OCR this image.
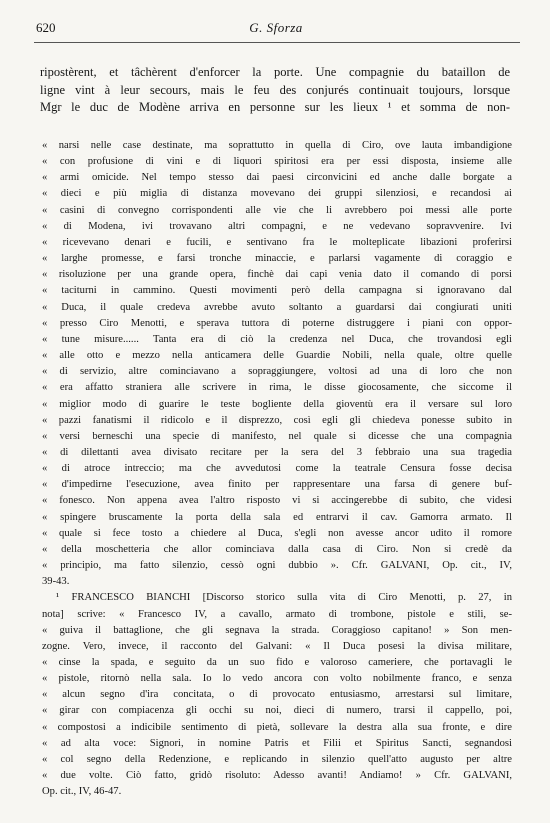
620	G. Sforza
ripostèrent, et tâchèrent d'enforcer la porte. Une compagnie du bataillon de
ligne vint à leur secours, mais le feu des conjurés continuait toujours, lorsque
Mgr le duc de Modène arriva en personne sur les lieux ¹ et somma de non-
« narsi nelle case destinate, ma soprattutto in quella di Ciro, ove lauta imbandigione
« con profusione di vini e di liquori spiritosi era per essi disposta, insieme alle
« armi omicide. Nel tempo stesso dai paesi circonvicini ed anche dalle borgate a
« dieci e più miglia di distanza movevano dei gruppi silenziosi, e recandosi ai
« casini di convegno corrispondenti alle vie che li avrebbero poi messi alle porte
« di Modena, ivi trovavano altri compagni, e ne vedevano sopravvenire. Ivi
« ricevevano denari e fucili, e sentivano fra le molteplicate libazioni proferirsi
« larghe promesse, e farsi tronche minaccie, e parlarsi vagamente di coraggio e
« risoluzione per una grande opera, finchè dai capi venia dato il comando di porsi
« taciturni in cammino. Questi movimenti però della campagna si ignoravano dal
« Duca, il quale credeva avrebbe avuto soltanto a guardarsi dai congiurati uniti
« presso Ciro Menotti, e sperava tuttora di poterne distruggere i piani con oppor-
« tune misure...... Tanta era di ciò la credenza nel Duca, che trovandosi egli
« alle otto e mezzo nella anticamera delle Guardie Nobili, nella quale, oltre quelle
« di servizio, altre cominciavano a sopraggiungere, voltosi ad una di loro che non
« era affatto straniera alle scrivere in rima, le disse giocosamente, che siccome il
« miglior modo di guarire le teste bogliente della gioventù era il versare sul loro
« pazzi fanatismi il ridicolo e il disprezzo, così egli gli chiedeva ponesse subito in
« versi berneschi una specie di manifesto, nel quale si dicesse che una compagnia
« di dilettanti avea divisato recitare per la sera del 3 febbraio una sua tragedia
« di atroce intreccio; ma che avvedutosi come la teatrale Censura fosse decisa
« d'impedirne l'esecuzione, avea finito per rappresentare una farsa di genere buf-
« fonesco. Non appena avea l'altro risposto vi si accingerebbe di subito, che videsi
« spingere bruscamente la porta della sala ed entrarvi il cav. Gamorra armato. Il
« quale si fece tosto a chiedere al Duca, s'egli non avesse ancor udito il romore
« della moschetteria che allor cominciava dalla casa di Ciro. Non si credè da
« principio, ma fatto silenzio, cessò ogni dubbio ». Cfr. GALVANI, Op. cit., IV,
39-43.
¹ FRANCESCO BIANCHI [Discorso storico sulla vita di Ciro Menotti, p. 27, in
nota] scrive: « Francesco IV, a cavallo, armato di trombone, pistole e stili, se-
« guiva il battaglione, che gli segnava la strada. Coraggioso capitano! » Son men-
zogne. Vero, invece, il racconto del Galvani: « Il Duca posesi la divisa militare,
« cinse la spada, e seguito da un suo fido e valoroso cameriere, che portavagli le
« pistole, ritornò nella sala. Io lo vedo ancora con volto nobilmente franco, e senza
« alcun segno d'ira concitata, o di provocato entusiasmo, arrestarsi sul limitare,
« girar con compiacenza gli occhi su noi, dieci di numero, trarsi il cappello, poi,
« compostosi a indicibile sentimento di pietà, sollevare la destra alla sua fronte, e dire
« ad alta voce: Signori, in nomine Patris et Filii et Spiritus Sancti, segnandosi
« col segno della Redenzione, e replicando in silenzio quell'atto augusto per altre
« due volte. Ciò fatto, gridò risoluto: Adesso avanti! Andiamo! » Cfr. GALVANI,
Op. cit., IV, 46-47.
